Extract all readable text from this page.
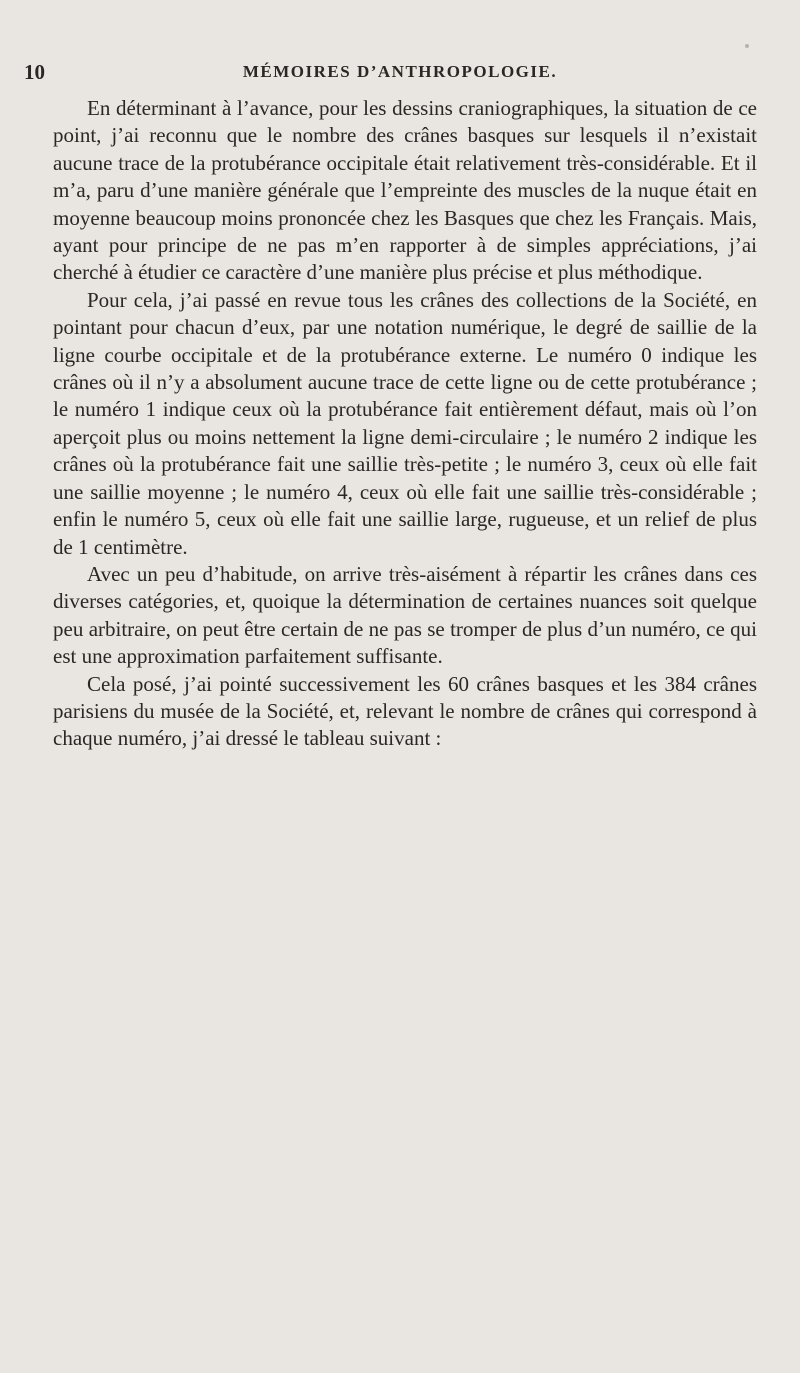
10	MÉMOIRES D’ANTHROPOLOGIE.

En déterminant à l’avance, pour les dessins craniographiques, la situation de ce point, j’ai reconnu que le nombre des crânes basques sur lesquels il n’existait aucune trace de la protubérance occipitale était relativement très-considérable. Et il m’a, paru d’une manière générale que l’empreinte des muscles de la nuque était en moyenne beaucoup moins prononcée chez les Basques que chez les Français. Mais, ayant pour principe de ne pas m’en rapporter à de simples appréciations, j’ai cherché à étudier ce caractère d’une manière plus précise et plus méthodique.

Pour cela, j’ai passé en revue tous les crânes des collections de la Société, en pointant pour chacun d’eux, par une notation numérique, le degré de saillie de la ligne courbe occipitale et de la protubérance externe. Le numéro 0 indique les crânes où il n’y a absolument aucune trace de cette ligne ou de cette protubérance ; le numéro 1 indique ceux où la protubérance fait entièrement défaut, mais où l’on aperçoit plus ou moins nettement la ligne demi-circulaire ; le numéro 2 indique les crânes où la protubérance fait une saillie très-petite ; le numéro 3, ceux où elle fait une saillie moyenne ; le numéro 4, ceux où elle fait une saillie très-considérable ; enfin le numéro 5, ceux où elle fait une saillie large, rugueuse, et un relief de plus de 1 centimètre.

Avec un peu d’habitude, on arrive très-aisément à répartir les crânes dans ces diverses catégories, et, quoique la détermination de certaines nuances soit quelque peu arbitraire, on peut être certain de ne pas se tromper de plus d’un numéro, ce qui est une approximation parfaitement suffisante.

Cela posé, j’ai pointé successivement les 60 crânes basques et les 384 crânes parisiens du musée de la Société, et, relevant le nombre de crânes qui correspond à chaque numéro, j’ai dressé le tableau suivant :
